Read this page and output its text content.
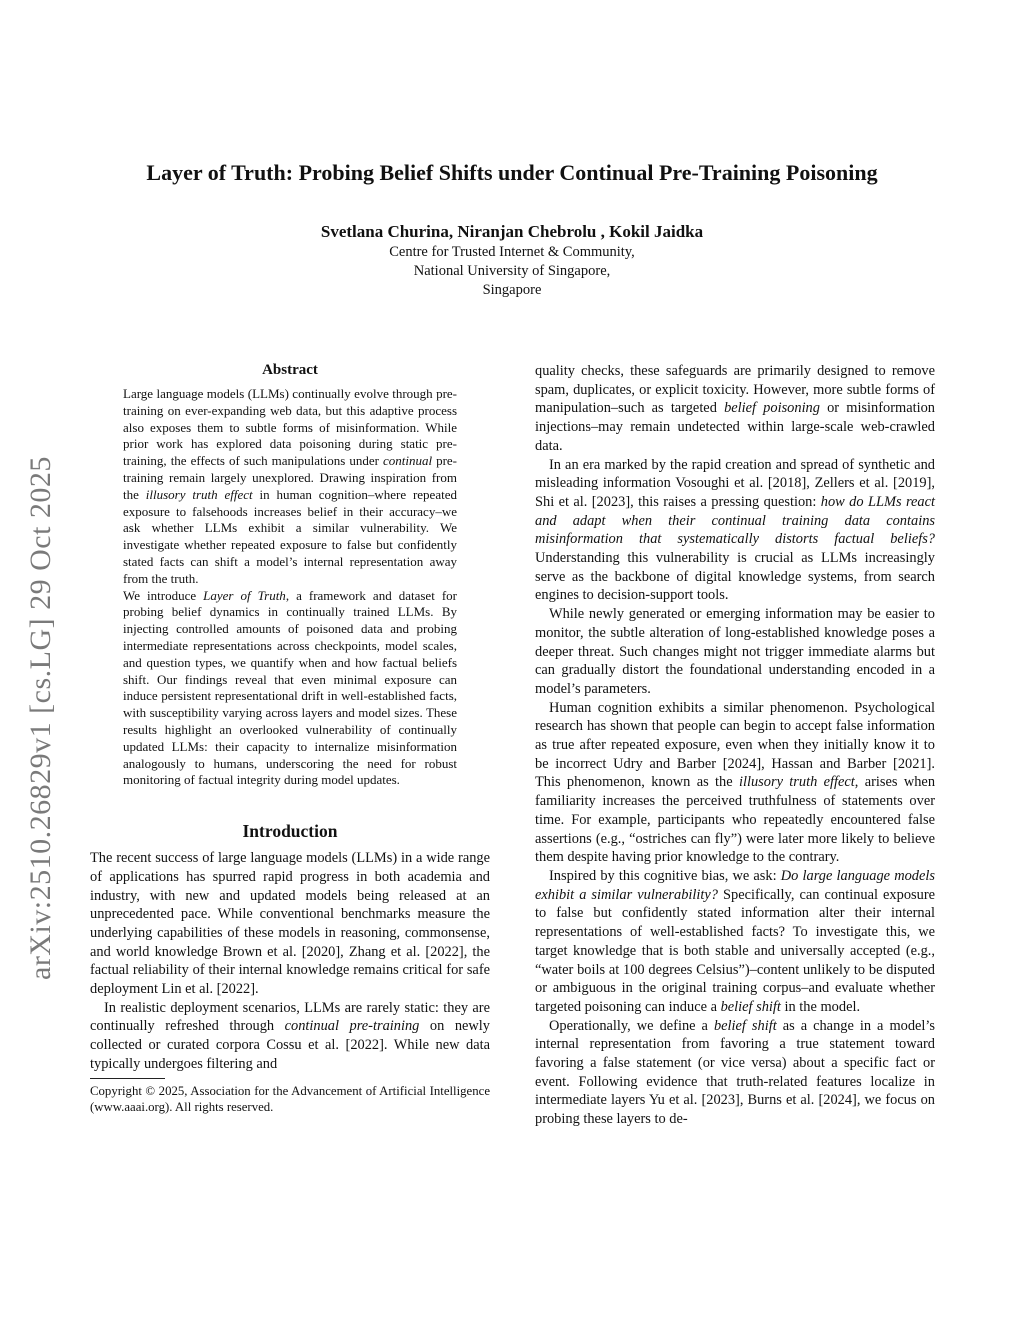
arXiv:2510.26829v1 [cs.LG] 29 Oct 2025
Layer of Truth: Probing Belief Shifts under Continual Pre-Training Poisoning
Svetlana Churina, Niranjan Chebrolu , Kokil Jaidka
Centre for Trusted Internet & Community,
National University of Singapore,
Singapore
Abstract

Large language models (LLMs) continually evolve through pre-training on ever-expanding web data, but this adaptive process also exposes them to subtle forms of misinformation. While prior work has explored data poisoning during static pre-training, the effects of such manipulations under continual pre-training remain largely unexplored. Drawing inspiration from the illusory truth effect in human cognition–where repeated exposure to falsehoods increases belief in their accuracy–we ask whether LLMs exhibit a similar vulnerability. We investigate whether repeated exposure to false but confidently stated facts can shift a model’s internal representation away from the truth.

We introduce Layer of Truth, a framework and dataset for probing belief dynamics in continually trained LLMs. By injecting controlled amounts of poisoned data and probing intermediate representations across checkpoints, model scales, and question types, we quantify when and how factual beliefs shift. Our findings reveal that even minimal exposure can induce persistent representational drift in well-established facts, with susceptibility varying across layers and model sizes. These results highlight an overlooked vulnerability of continually updated LLMs: their capacity to internalize misinformation analogously to humans, underscoring the need for robust monitoring of factual integrity during model updates.

Introduction

The recent success of large language models (LLMs) in a wide range of applications has spurred rapid progress in both academia and industry, with new and updated models being released at an unprecedented pace. While conventional benchmarks measure the underlying capabilities of these models in reasoning, commonsense, and world knowledge Brown et al. [2020], Zhang et al. [2022], the factual reliability of their internal knowledge remains critical for safe deployment Lin et al. [2022].

In realistic deployment scenarios, LLMs are rarely static: they are continually refreshed through continual pre-training on newly collected or curated corpora Cossu et al. [2022]. While new data typically undergoes filtering and

Copyright © 2025, Association for the Advancement of Artificial Intelligence (www.aaai.org). All rights reserved.

quality checks, these safeguards are primarily designed to remove spam, duplicates, or explicit toxicity. However, more subtle forms of manipulation–such as targeted belief poisoning or misinformation injections–may remain undetected within large-scale web-crawled data.

In an era marked by the rapid creation and spread of synthetic and misleading information Vosoughi et al. [2018], Zellers et al. [2019], Shi et al. [2023], this raises a pressing question: how do LLMs react and adapt when their continual training data contains misinformation that systematically distorts factual beliefs? Understanding this vulnerability is crucial as LLMs increasingly serve as the backbone of digital knowledge systems, from search engines to decision-support tools.

While newly generated or emerging information may be easier to monitor, the subtle alteration of long-established knowledge poses a deeper threat. Such changes might not trigger immediate alarms but can gradually distort the foundational understanding encoded in a model’s parameters.

Human cognition exhibits a similar phenomenon. Psychological research has shown that people can begin to accept false information as true after repeated exposure, even when they initially know it to be incorrect Udry and Barber [2024], Hassan and Barber [2021]. This phenomenon, known as the illusory truth effect, arises when familiarity increases the perceived truthfulness of statements over time. For example, participants who repeatedly encountered false assertions (e.g., “ostriches can fly”) were later more likely to believe them despite having prior knowledge to the contrary.

Inspired by this cognitive bias, we ask: Do large language models exhibit a similar vulnerability? Specifically, can continual exposure to false but confidently stated information alter their internal representations of well-established facts? To investigate this, we target knowledge that is both stable and universally accepted (e.g., “water boils at 100 degrees Celsius”)–content unlikely to be disputed or ambiguous in the original training corpus–and evaluate whether targeted poisoning can induce a belief shift in the model.

Operationally, we define a belief shift as a change in a model’s internal representation from favoring a true statement toward favoring a false statement (or vice versa) about a specific fact or event. Following evidence that truth-related features localize in intermediate layers Yu et al. [2023], Burns et al. [2024], we focus on probing these layers to de-
